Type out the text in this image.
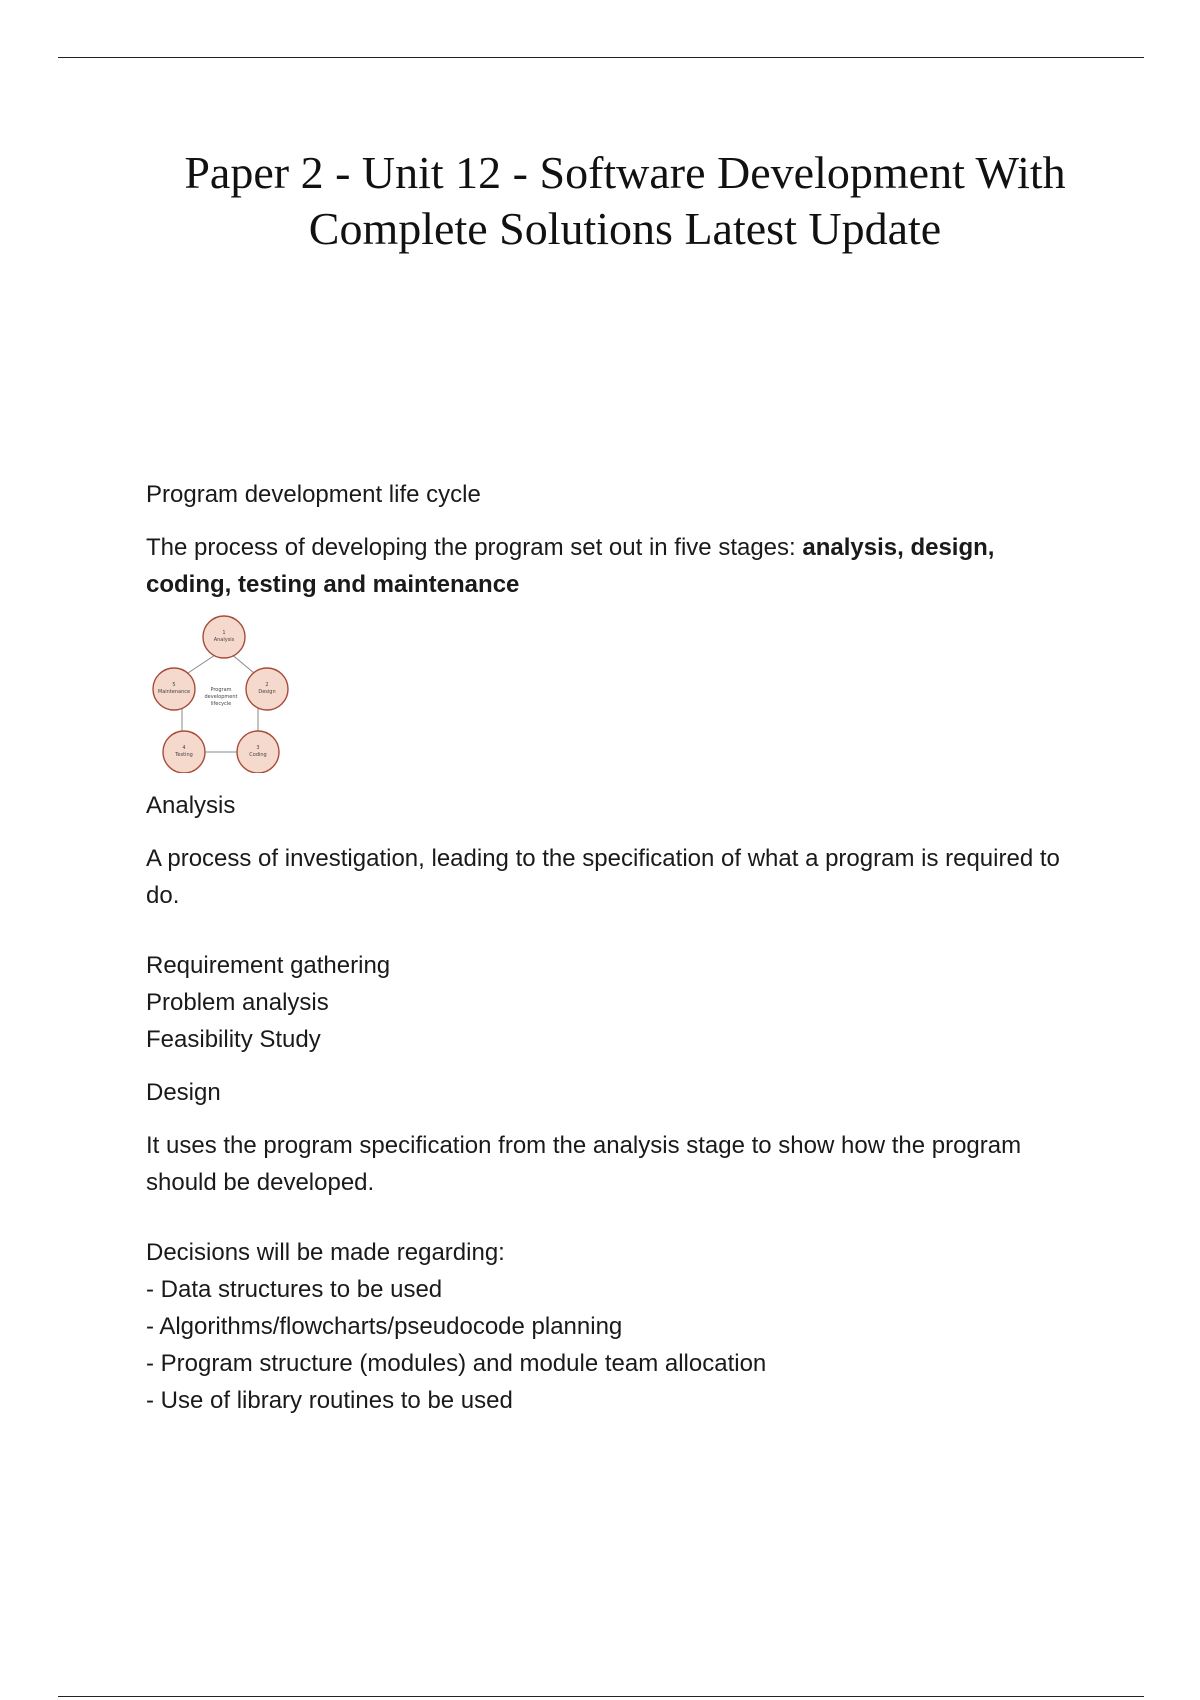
Paper 2 - Unit 12 - Software Development With Complete Solutions Latest Update

Program development life cycle

The process of developing the program set out in five stages: analysis, design, coding, testing and maintenance

1
Analysis
2
Design
3
Coding
4
Testing
5
Maintenance	Program
development
lifecycle

Analysis

A process of investigation, leading to the specification of what a program is required to do.

Requirement gathering
Problem analysis
Feasibility Study

Design

It uses the program specification from the analysis stage to show how the program should be developed.

Decisions will be made regarding:
- Data structures to be used
- Algorithms/flowcharts/pseudocode planning
- Program structure (modules) and module team allocation
- Use of library routines to be used
